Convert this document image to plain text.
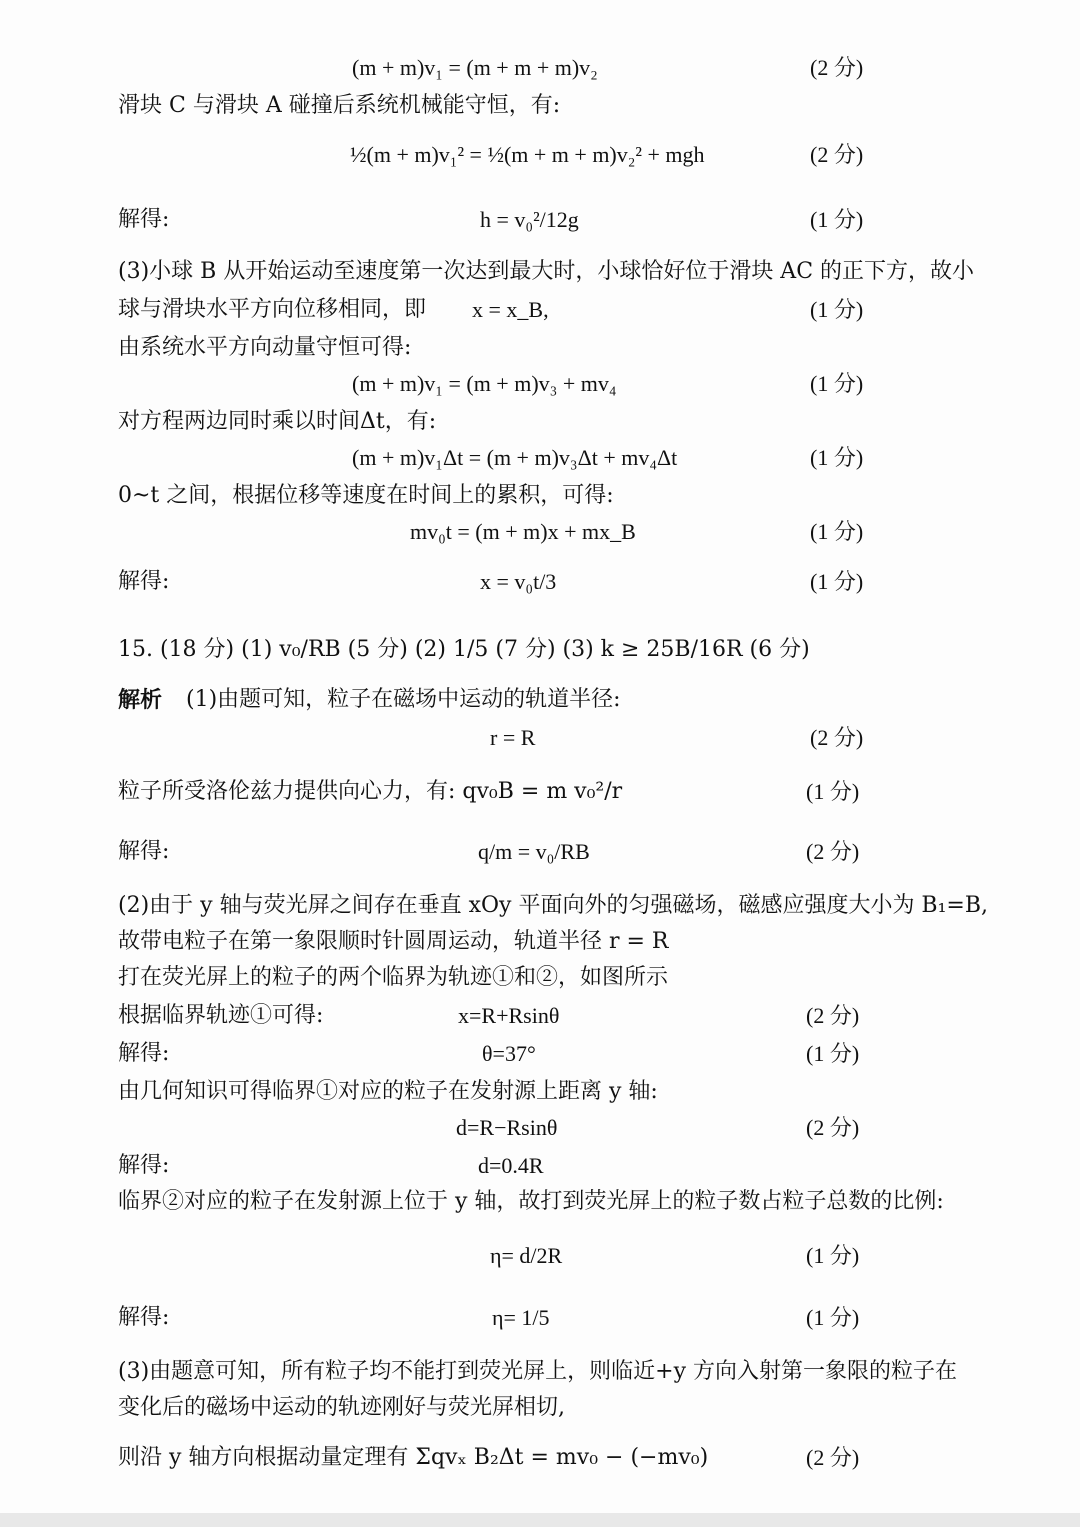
(m + m)v₁ = (m + m + m)v₂	(2 分)
滑块 C 与滑块 A 碰撞后系统机械能守恒，有:
½(m + m)v₁² = ½(m + m + m)v₂² + mgh	(2 分)
解得:	h = v₀²/12g	(1 分)
(3)小球 B 从开始运动至速度第一次达到最大时，小球恰好位于滑块 AC 的正下方，故小
球与滑块水平方向位移相同，即 x = x_B,	(1 分)
由系统水平方向动量守恒可得:
(m + m)v₁ = (m + m)v₃ + mv₄	(1 分)
对方程两边同时乘以时间Δt，有:
(m + m)v₁Δt = (m + m)v₃Δt + mv₄Δt	(1 分)
0~t 之间，根据位移等速度在时间上的累积，可得:
mv₀t = (m + m)x + mx_B	(1 分)
解得:	x = v₀t/3	(1 分)
15. (18 分) (1) v₀/RB (5 分) (2) 1/5 (7 分) (3) k ≥ 25B/16R (6 分)
解析 (1)由题可知，粒子在磁场中运动的轨道半径:
r = R	(2 分)
粒子所受洛伦兹力提供向心力，有: qv₀B = m v₀²/r	(1 分)
解得:	q/m = v₀/RB	(2 分)
(2)由于 y 轴与荧光屏之间存在垂直 xOy 平面向外的匀强磁场，磁感应强度大小为 B₁=B,
故带电粒子在第一象限顺时针圆周运动，轨道半径 r = R
打在荧光屏上的粒子的两个临界为轨迹①和②，如图所示
根据临界轨迹①可得:	x=R+Rsinθ	(2 分)
解得:	θ=37°	(1 分)
由几何知识可得临界①对应的粒子在发射源上距离 y 轴:
d=R−Rsinθ	(2 分)
解得:	d=0.4R
临界②对应的粒子在发射源上位于 y 轴，故打到荧光屏上的粒子数占粒子总数的比例:
η= d/2R	(1 分)
解得:	η= 1/5	(1 分)
(3)由题意可知，所有粒子均不能打到荧光屏上，则临近+y 方向入射第一象限的粒子在
变化后的磁场中运动的轨迹刚好与荧光屏相切,
则沿 y 轴方向根据动量定理有 Σqvₓ B₂Δt = mv₀ − (−mv₀)	(2 分)
